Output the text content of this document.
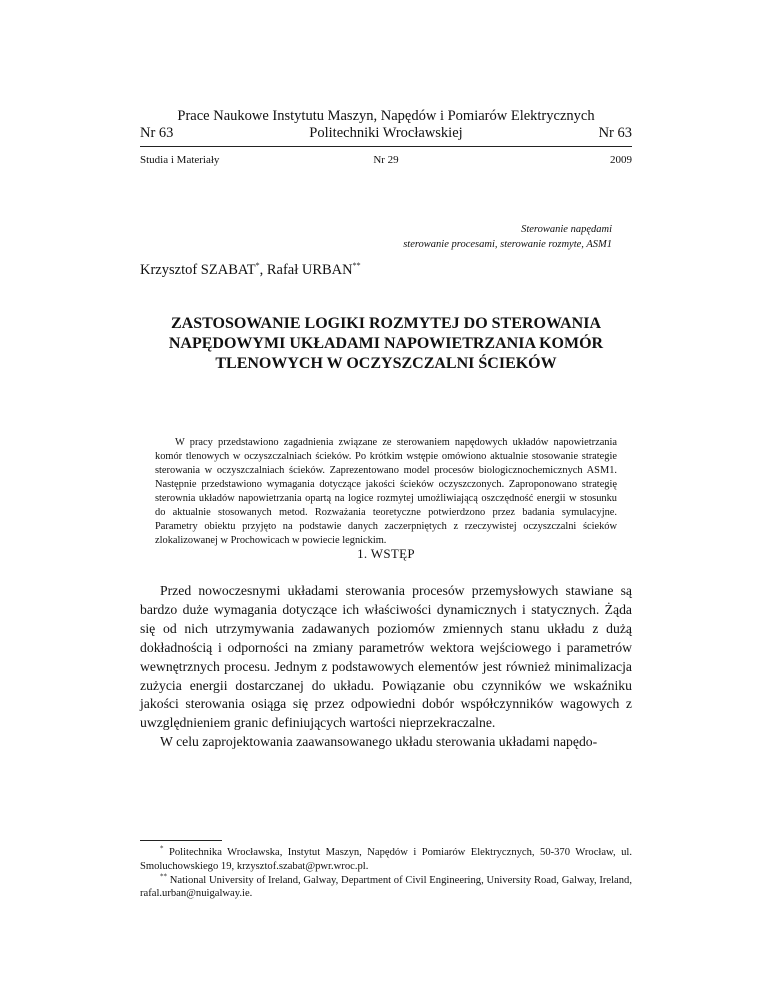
Prace Naukowe Instytutu Maszyn, Napędów i Pomiarów Elektrycznych
Nr 63	Politechniki Wrocławskiej	Nr 63
Studia i Materiały	Nr 29	2009
Sterowanie napędami
sterowanie procesami, sterowanie rozmyte, ASM1
Krzysztof SZABAT*, Rafał URBAN**
ZASTOSOWANIE LOGIKI ROZMYTEJ DO STEROWANIA
NAPĘDOWYMI UKŁADAMI NAPOWIETRZANIA KOMÓR
TLENOWYCH W OCZYSZCZALNI ŚCIEKÓW
W pracy przedstawiono zagadnienia związane ze sterowaniem napędowych układów napowietrzania komór tlenowych w oczyszczalniach ścieków. Po krótkim wstępie omówiono aktualnie stosowanie strategie sterowania w oczyszczalniach ścieków. Zaprezentowano model procesów biologicznochemicznych ASM1. Następnie przedstawiono wymagania dotyczące jakości ścieków oczyszczonych. Zaproponowano strategię sterownia układów napowietrzania opartą na logice rozmytej umożliwiającą oszczędność energii w stosunku do aktualnie stosowanych metod. Rozważania teoretyczne potwierdzono przez badania symulacyjne. Parametry obiektu przyjęto na podstawie danych zaczerpniętych z rzeczywistej oczyszczalni ścieków zlokalizowanej w Prochowicach w powiecie legnickim.
1. WSTĘP

Przed nowoczesnymi układami sterowania procesów przemysłowych stawiane są bardzo duże wymagania dotyczące ich właściwości dynamicznych i statycznych. Żąda się od nich utrzymywania zadawanych poziomów zmiennych stanu układu z dużą dokładnością i odporności na zmiany parametrów wektora wejściowego i parametrów wewnętrznych procesu. Jednym z podstawowych elementów jest również minimalizacja zużycia energii dostarczanej do układu. Powiązanie obu czynników we wskaźniku jakości sterowania osiąga się przez odpowiedni dobór współczynników wagowych z uwzględnieniem granic definiujących wartości nieprzekraczalne.

W celu zaprojektowania zaawansowanego układu sterowania układami napędo-

* Politechnika Wrocławska, Instytut Maszyn, Napędów i Pomiarów Elektrycznych, 50-370 Wrocław, ul. Smoluchowskiego 19, krzysztof.szabat@pwr.wroc.pl.

** National University of Ireland, Galway, Department of Civil Engineering, University Road, Galway, Ireland, rafal.urban@nuigalway.ie.
